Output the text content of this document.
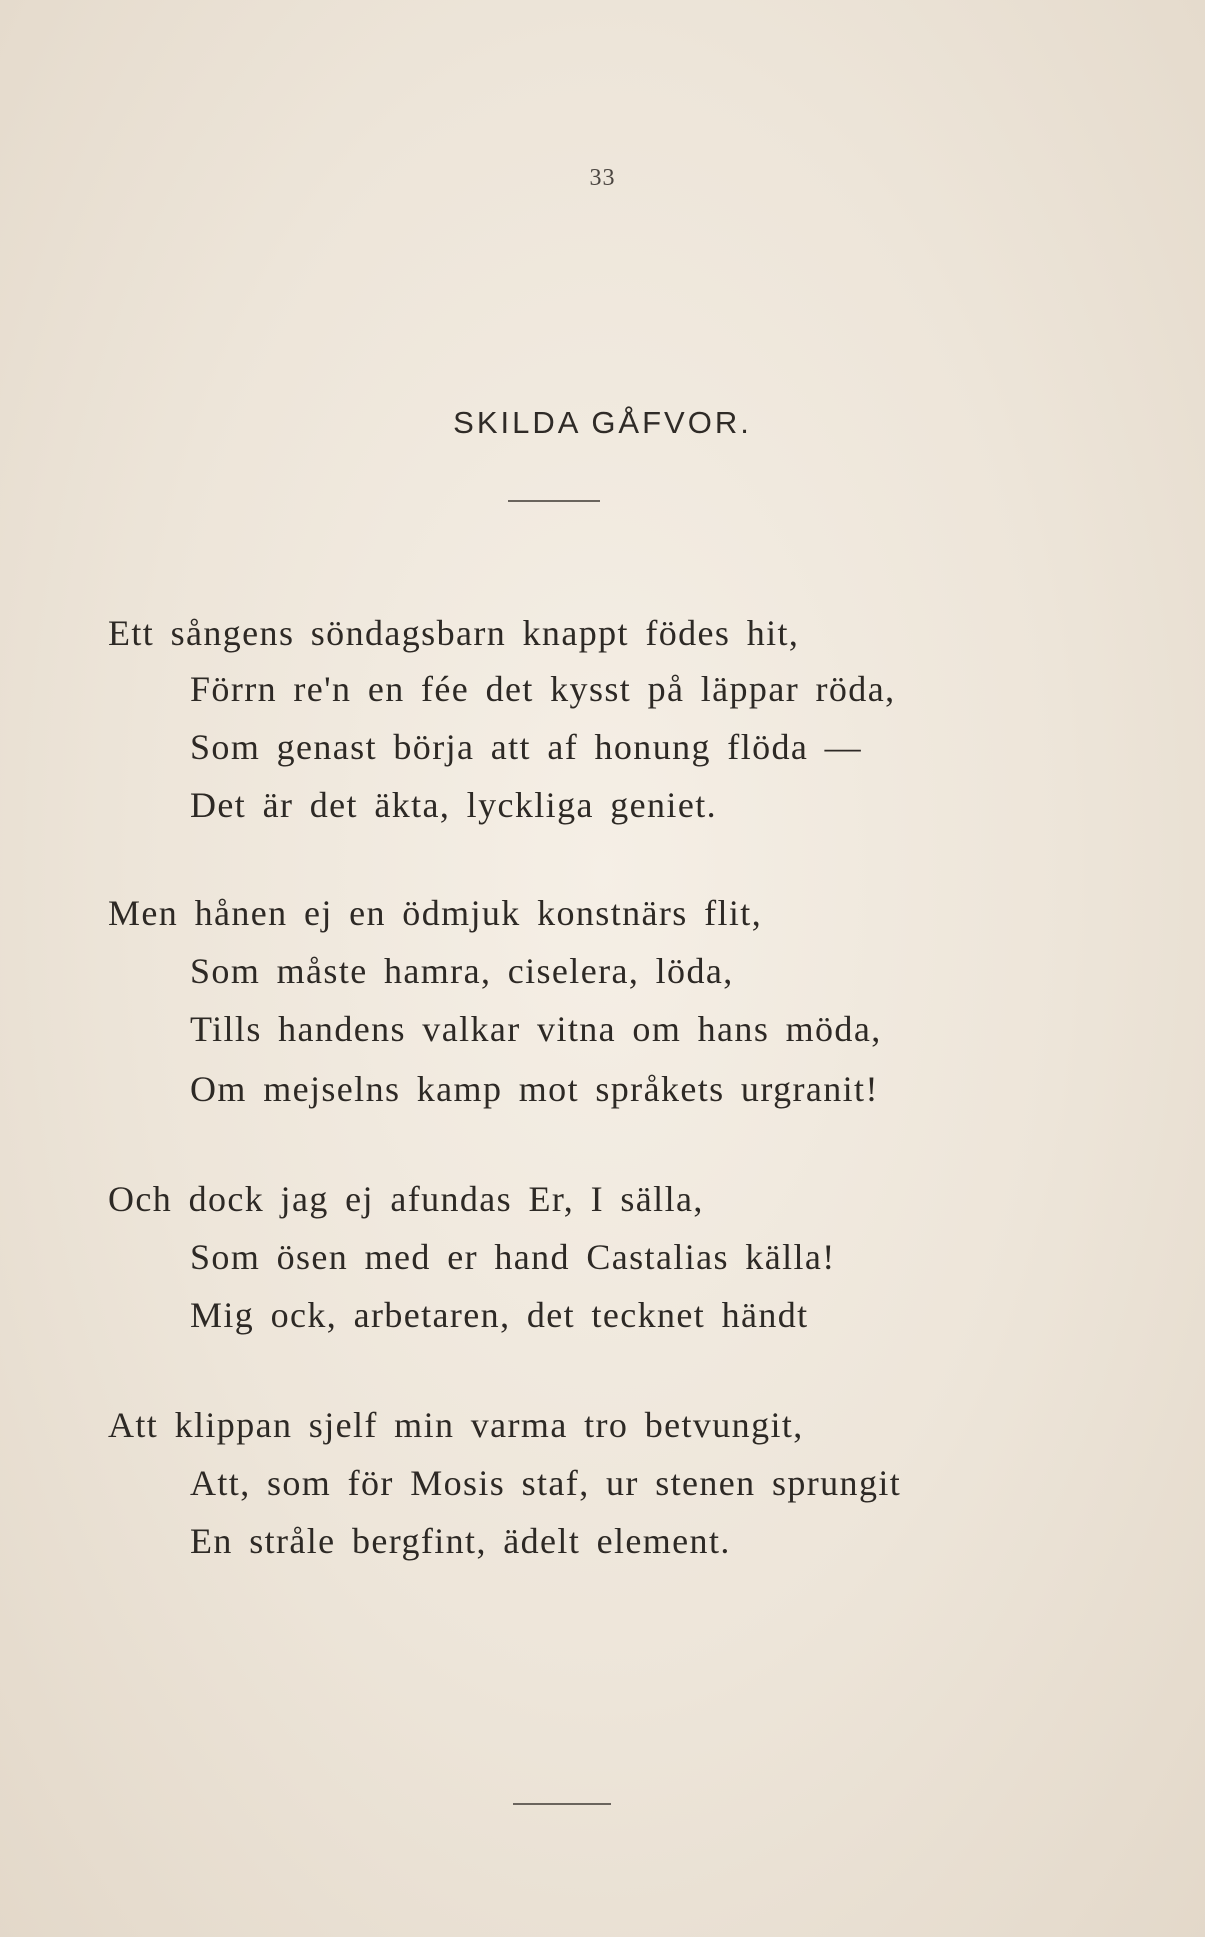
33
SKILDA GÅFVOR.
Ett sångens söndagsbarn knappt födes hit,
Förrn re'n en fée det kysst på läppar röda,
Som genast börja att af honung flöda —
Det är det äkta, lyckliga geniet.
Men hånen ej en ödmjuk konstnärs flit,
Som måste hamra, ciselera, löda,
Tills handens valkar vitna om hans möda,
Om mejselns kamp mot språkets urgranit!
Och dock jag ej afundas Er, I sälla,
Som ösen med er hand Castalias källa!
Mig ock, arbetaren, det tecknet händt
Att klippan sjelf min varma tro betvungit,
Att, som för Mosis staf, ur stenen sprungit
En stråle bergfint, ädelt element.
